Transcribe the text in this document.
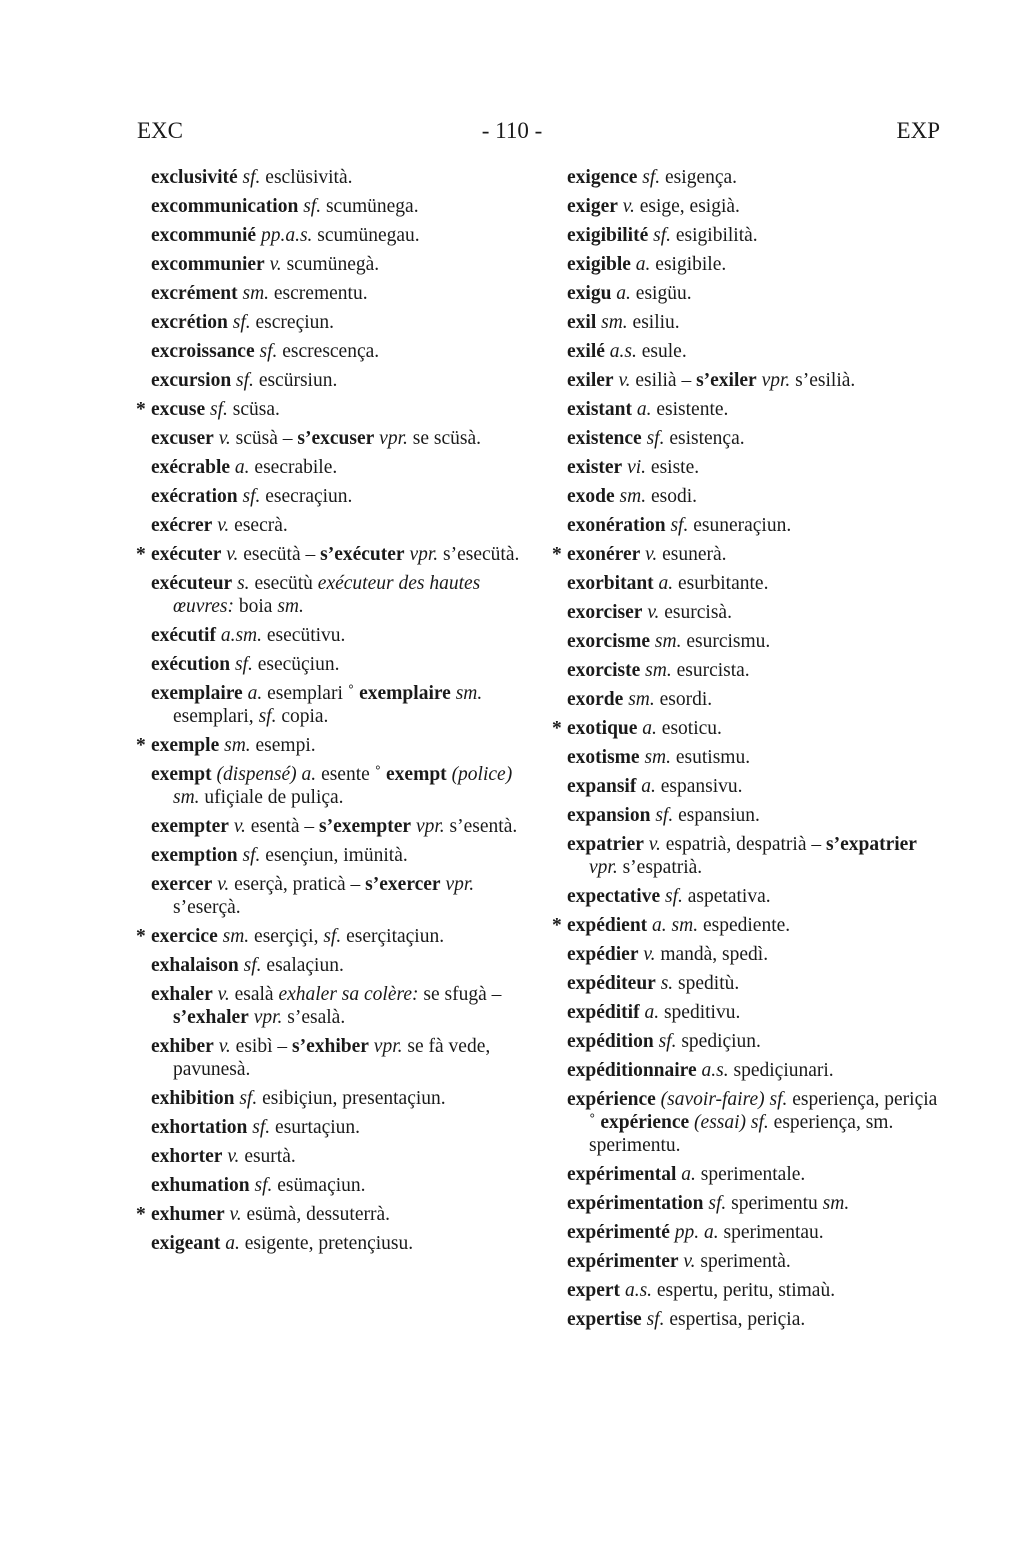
EXC	- 110 -	EXP

exclusivité sf. esclüsività.

excommunication sf. scumünega.

excommunié pp.a.s. scumünegau.

excommunier v. scumünegà.

excrément sm. escrementu.

excrétion sf. escreçiun.

excroissance sf. escrescença.

excursion sf. escürsiun.

* excuse sf. scüsa.

excuser v. scüsà – s’excuser vpr. se scüsà.

exécrable a. esecrabile.

exécration sf. esecraçiun.

exécrer v. esecrà.

* exécuter v. esecütà – s’exécuter vpr. s’esecütà.

exécuteur s. esecütù exécuteur des hautes œuvres: boia sm.

exécutif a.sm. esecütivu.

exécution sf. esecüçiun.

exemplaire a. esemplari ˚ exemplaire sm. esemplari, sf. copia.

* exemple sm. esempi.

exempt (dispensé) a. esente ˚ exempt (police) sm. ufiçiale de puliça.

exempter v. esentà – s’exempter vpr. s’esentà.

exemption sf. esençiun, imünità.

exercer v. eserçà, praticà – s’exercer vpr. s’eserçà.

* exercice sm. eserçiçi, sf. eserçitaçiun.

exhalaison sf. esalaçiun.

exhaler v. esalà exhaler sa colère: se sfugà – s’exhaler vpr. s’esalà.

exhiber v. esibì – s’exhiber vpr. se fà vede, pavunesà.

exhibition sf. esibiçiun, presentaçiun.

exhortation sf. esurtaçiun.

exhorter v. esurtà.

exhumation sf. esümaçiun.

* exhumer v. esümà, dessuterrà.

exigeant a. esigente, pretençiusu.

exigence sf. esigença.

exiger v. esige, esigià.

exigibilité sf. esigibilità.

exigible a. esigibile.

exigu a. esigüu.

exil sm. esiliu.

exilé a.s. esule.

exiler v. esilià – s’exiler vpr. s’esilià.

existant a. esistente.

existence sf. esistença.

exister vi. esiste.

exode sm. esodi.

exonération sf. esuneraçiun.

* exonérer v. esunerà.

exorbitant a. esurbitante.

exorciser v. esurcisà.

exorcisme sm. esurcismu.

exorciste sm. esurcista.

exorde sm. esordi.

* exotique a. esoticu.

exotisme sm. esutismu.

expansif a. espansivu.

expansion sf. espansiun.

expatrier v. espatrià, despatrià – s’expatrier vpr. s’espatrià.

expectative sf. aspetativa.

* expédient a. sm. espediente.

expédier v. mandà, spedì.

expéditeur s. speditù.

expéditif a. speditivu.

expédition sf. spediçiun.

expéditionnaire a.s. spediçiunari.

expérience (savoir-faire) sf. esperiença, periçia ˚ expérience (essai) sf. esperiença, sm. sperimentu.

expérimental a. sperimentale.

expérimentation sf. sperimentu sm.

expérimenté pp. a. sperimentau.

expérimenter v. sperimentà.

expert a.s. espertu, peritu, stimaù.

expertise sf. espertisa, periçia.
